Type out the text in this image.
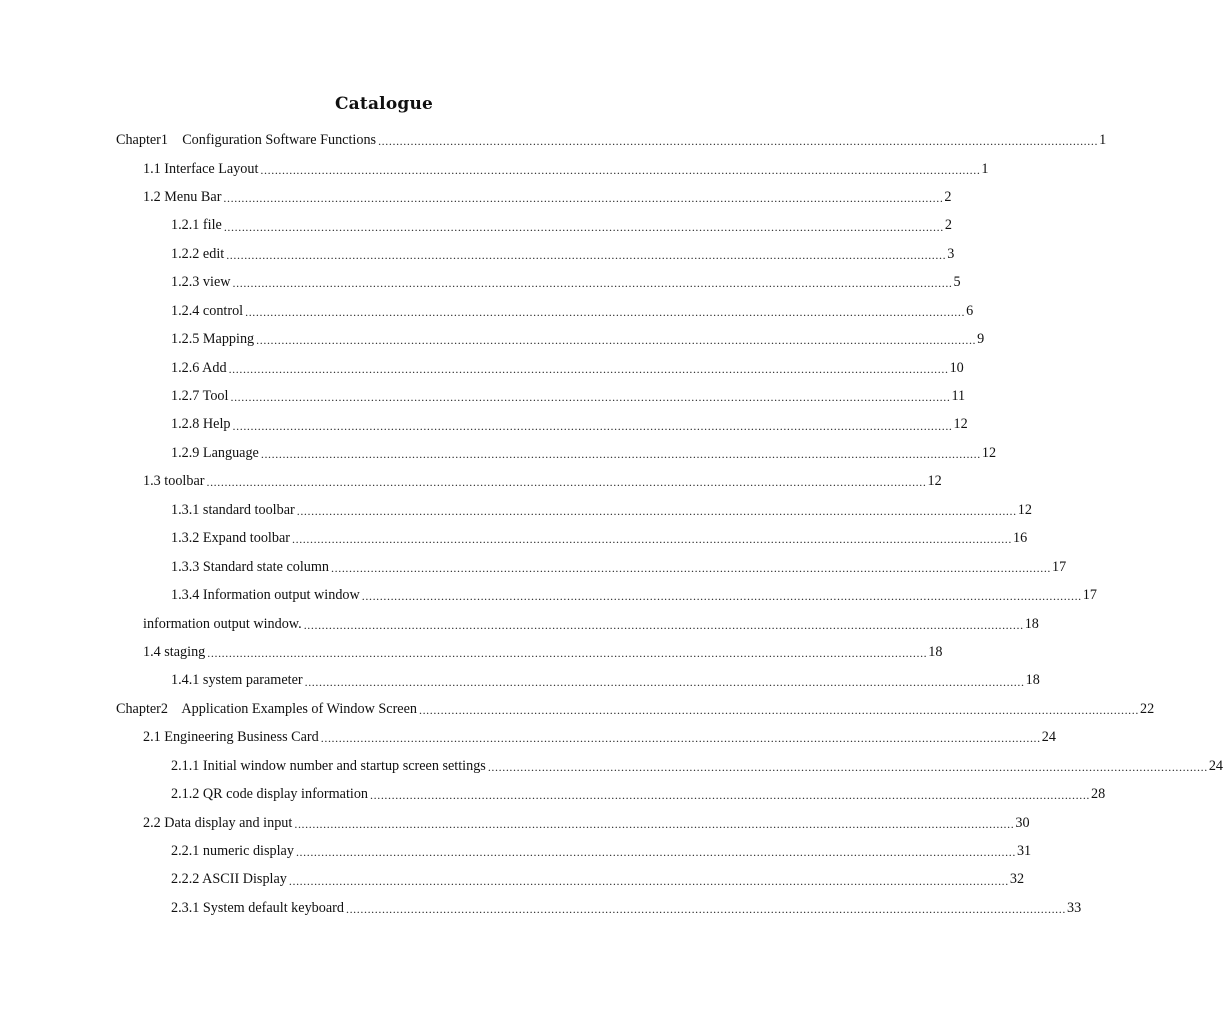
Catalogue
Chapter1    Configuration Software Functions ........................................................................................................................................................................................................ 1
1.1 Interface Layout ........................................................................................................................................................................................................ 1
1.2 Menu Bar ........................................................................................................................................................................................................ 2
1.2.1 file ........................................................................................................................................................................................................ 2
1.2.2 edit ........................................................................................................................................................................................................ 3
1.2.3 view ........................................................................................................................................................................................................ 5
1.2.4 control ........................................................................................................................................................................................................ 6
1.2.5 Mapping ........................................................................................................................................................................................................ 9
1.2.6 Add ........................................................................................................................................................................................................ 10
1.2.7 Tool ........................................................................................................................................................................................................ 11
1.2.8 Help ........................................................................................................................................................................................................ 12
1.2.9 Language ........................................................................................................................................................................................................ 12
1.3 toolbar ........................................................................................................................................................................................................ 12
1.3.1 standard toolbar ........................................................................................................................................................................................................ 12
1.3.2 Expand toolbar ........................................................................................................................................................................................................ 16
1.3.3 Standard state column ........................................................................................................................................................................................................ 17
1.3.4 Information output window ........................................................................................................................................................................................................ 17
information output window. ........................................................................................................................................................................................................ 18
1.4 staging ........................................................................................................................................................................................................ 18
1.4.1 system parameter ........................................................................................................................................................................................................ 18
Chapter2    Application Examples of Window Screen ........................................................................................................................................................................................................ 22
2.1 Engineering Business Card ........................................................................................................................................................................................................ 24
2.1.1 Initial window number and startup screen settings ........................................................................................................................................................................................................ 24
2.1.2 QR code display information ........................................................................................................................................................................................................ 28
2.2 Data display and input ........................................................................................................................................................................................................ 30
2.2.1 numeric display ........................................................................................................................................................................................................ 31
2.2.2 ASCII Display ........................................................................................................................................................................................................ 32
2.3.1 System default keyboard ........................................................................................................................................................................................................ 33
